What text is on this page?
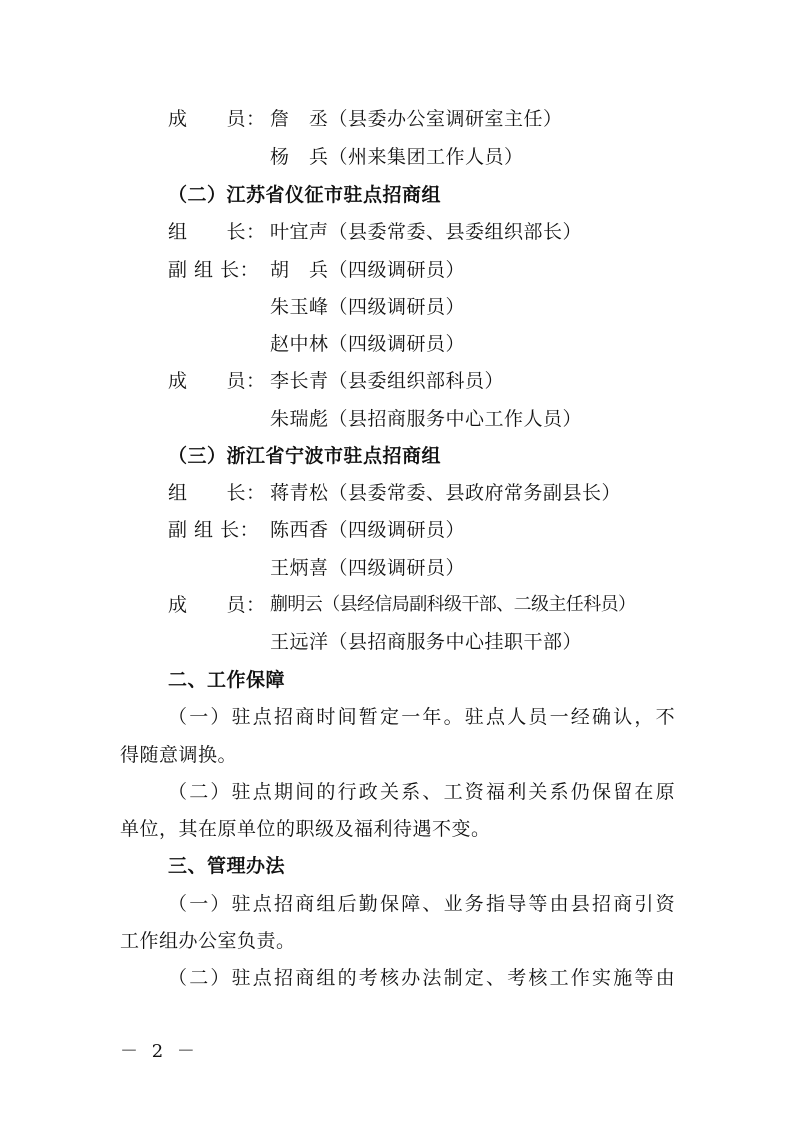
成　　员： 詹　丞（县委办公室调研室主任）
杨　兵（州来集团工作人员）
（二）江苏省仪征市驻点招商组
组　　长： 叶宜声（县委常委、县委组织部长）
副 组 长： 胡　兵（四级调研员）
朱玉峰（四级调研员）
赵中林（四级调研员）
成　　员： 李长青（县委组织部科员）
朱瑞彪（县招商服务中心工作人员）
（三）浙江省宁波市驻点招商组
组　　长： 蒋青松（县委常委、县政府常务副县长）
副 组 长： 陈西香（四级调研员）
王炳喜（四级调研员）
成　　员： 蒯明云（县经信局副科级干部、二级主任科员）
王远洋（县招商服务中心挂职干部）
二、工作保障
（一）驻点招商时间暂定一年。驻点人员一经确认，不
得随意调换。
（二）驻点期间的行政关系、工资福利关系仍保留在原
单位，其在原单位的职级及福利待遇不变。
三、管理办法
（一）驻点招商组后勤保障、业务指导等由县招商引资
工作组办公室负责。
（二）驻点招商组的考核办法制定、考核工作实施等由
－ 2 －
